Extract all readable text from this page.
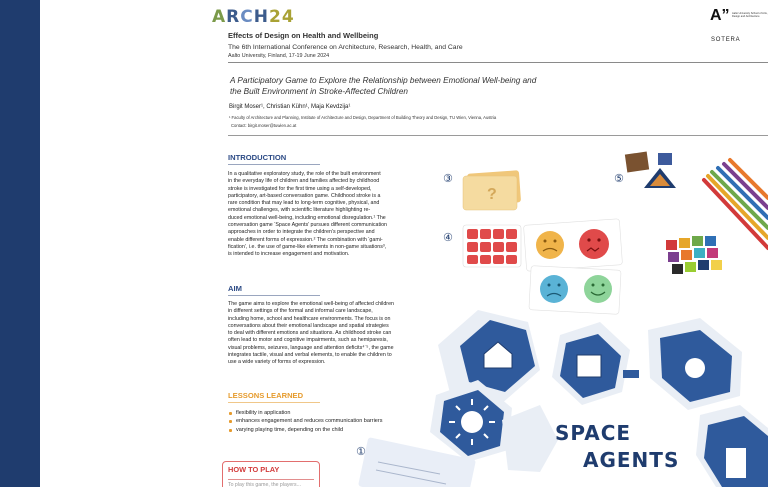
ARCH24
Effects of Design on Health and Wellbeing
The 6th International Conference on Architecture, Research, Health, and Care
Aalto University, Finland, 17-19 June 2024
A” Aalto University School of Arts, Design and Architecture
SOTERA
A Participatory Game to Explore the Relationship between Emotional Well-being and
the Built Environment in Stroke-Affected Children
Birgit Moser¹, Christian Kühn¹, Maja Kevdzija¹
¹ Faculty of Architecture and Planning, Institute of Architecture and Design, Department of Building Theory and Design, TU Wien, Vienna, Austria
Contact: birgit.moser@tuwien.ac.at
INTRODUCTION
In a qualitative exploratory study, the role of the built environment
in the everyday life of children and families affected by childhood
stroke is investigated for the first time using a self-developed,
participatory, art-based conversation game. Childhood stroke is a
rare condition that may lead to long-term cognitive, physical, and
emotional challenges, with scientific literature highlighting re-
duced emotional well-being, including emotional disregulation.¹ The
conversation game ‘Space Agents’ pursues different communication
approaches in order to integrate the children’s perspective and
enable different forms of expression.² The combination with ‘gami-
fication’, i.e. the use of game-like elements in non-game situations³,
is intended to increase engagement and motivation.
AIM
The game aims to explore the emotional well-being of affected children
in different settings of the formal and informal care landscape,
including home, school and healthcare environments. The focus is on
conversations about their emotional landscape and spatial strategies
to deal with different emotions and situations. As childhood stroke can
often lead to motor and cognitive impairments, such as hemiparesis,
visual problems, seizures, language and attention deficits⁴˙⁵, the game
integrates tactile, visual and verbal elements, to enable the children to
use a wide variety of forms of expression.
LESSONS LEARNED
flexibility in application
enhances engagement and reduces communication barriers
varying playing time, depending on the child
HOW TO PLAY
To play this game, the players...
③
④
①
⑤
?
SPACE
AGENTS
